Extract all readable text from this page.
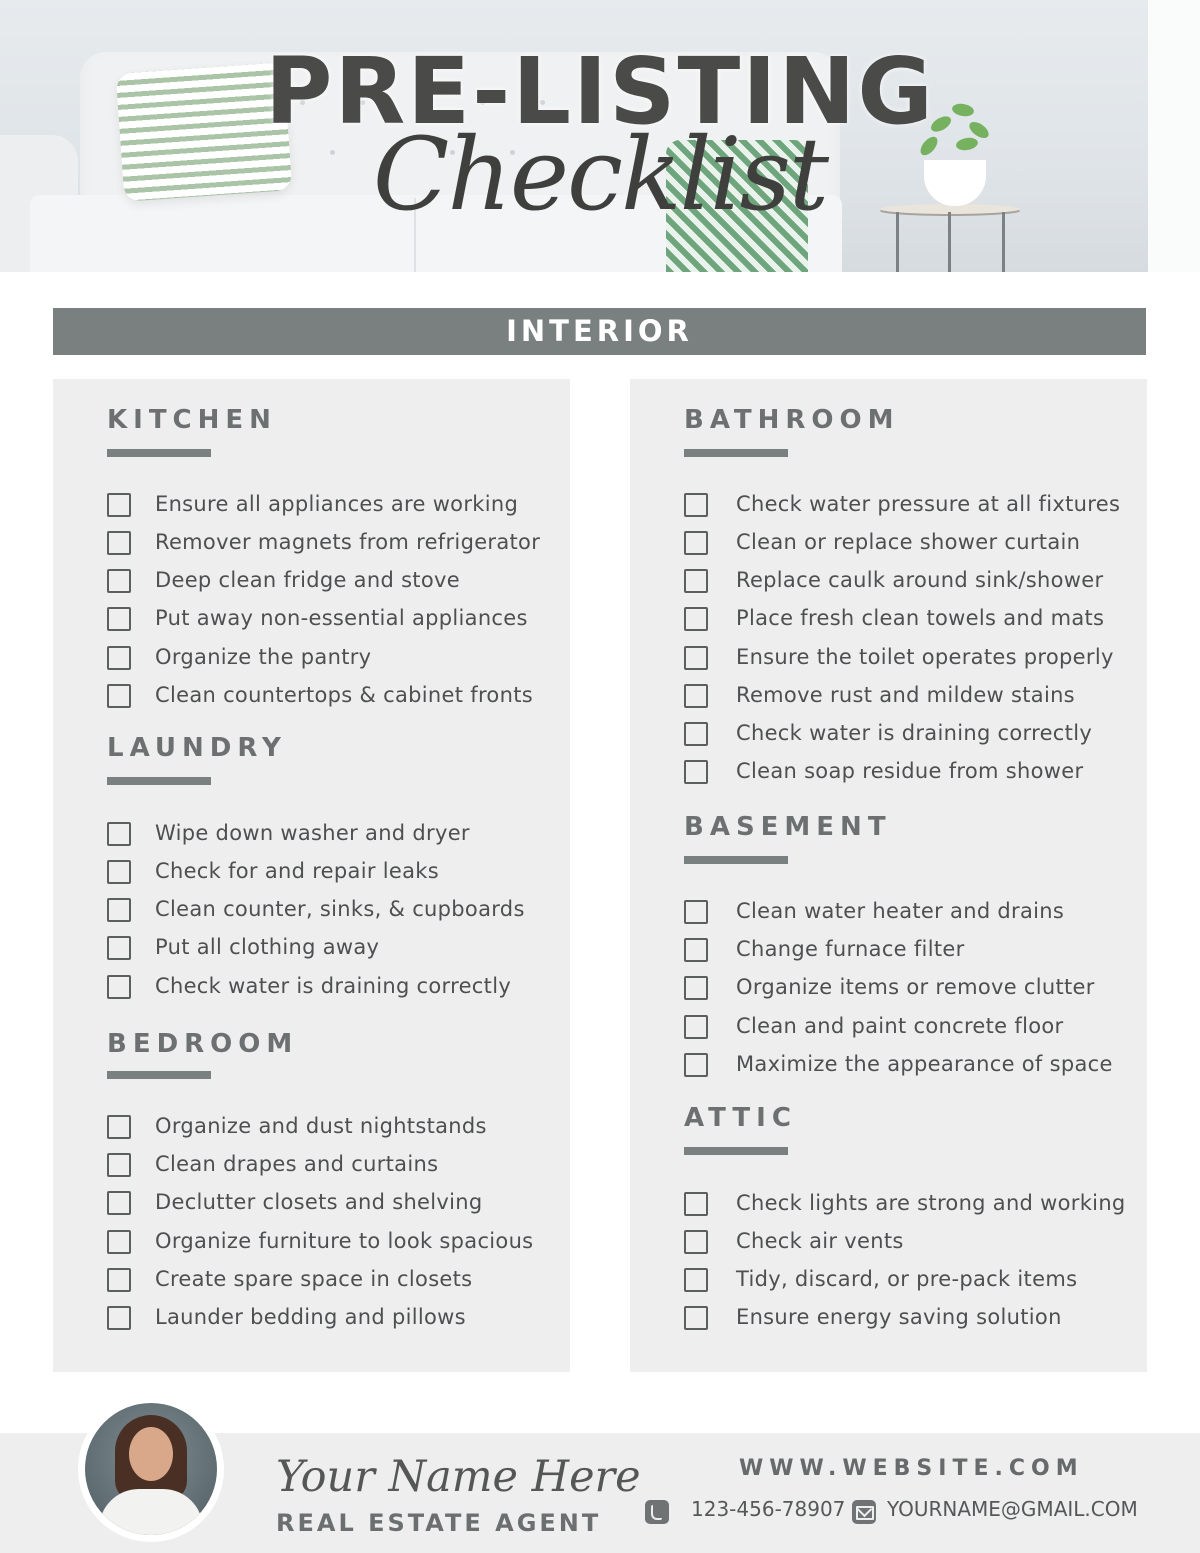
PRE-LISTING
Checklist
INTERIOR
KITCHEN
Ensure all appliances are working
Remover magnets from refrigerator
Deep clean fridge and stove
Put away non-essential appliances
Organize the pantry
Clean countertops & cabinet fronts
LAUNDRY
Wipe down washer and dryer
Check for and repair leaks
Clean counter, sinks, & cupboards
Put all clothing away
Check water is draining correctly
BEDROOM
Organize and dust nightstands
Clean drapes and curtains
Declutter closets and shelving
Organize furniture to look spacious
Create spare space in closets
Launder bedding and pillows
BATHROOM
Check water pressure at all fixtures
Clean or replace shower curtain
Replace caulk around sink/shower
Place fresh clean towels and mats
Ensure the toilet operates properly
Remove rust and mildew stains
Check water is draining correctly
Clean soap residue from shower
BASEMENT
Clean water heater and drains
Change furnace filter
Organize items or remove clutter
Clean and paint concrete floor
Maximize the appearance of space
ATTIC
Check lights are strong and working
Check air vents
Tidy, discard, or pre-pack items
Ensure energy saving solution
Your Name Here
REAL ESTATE AGENT
WWW.WEBSITE.COM
123-456-78907 YOURNAME@GMAIL.COM
